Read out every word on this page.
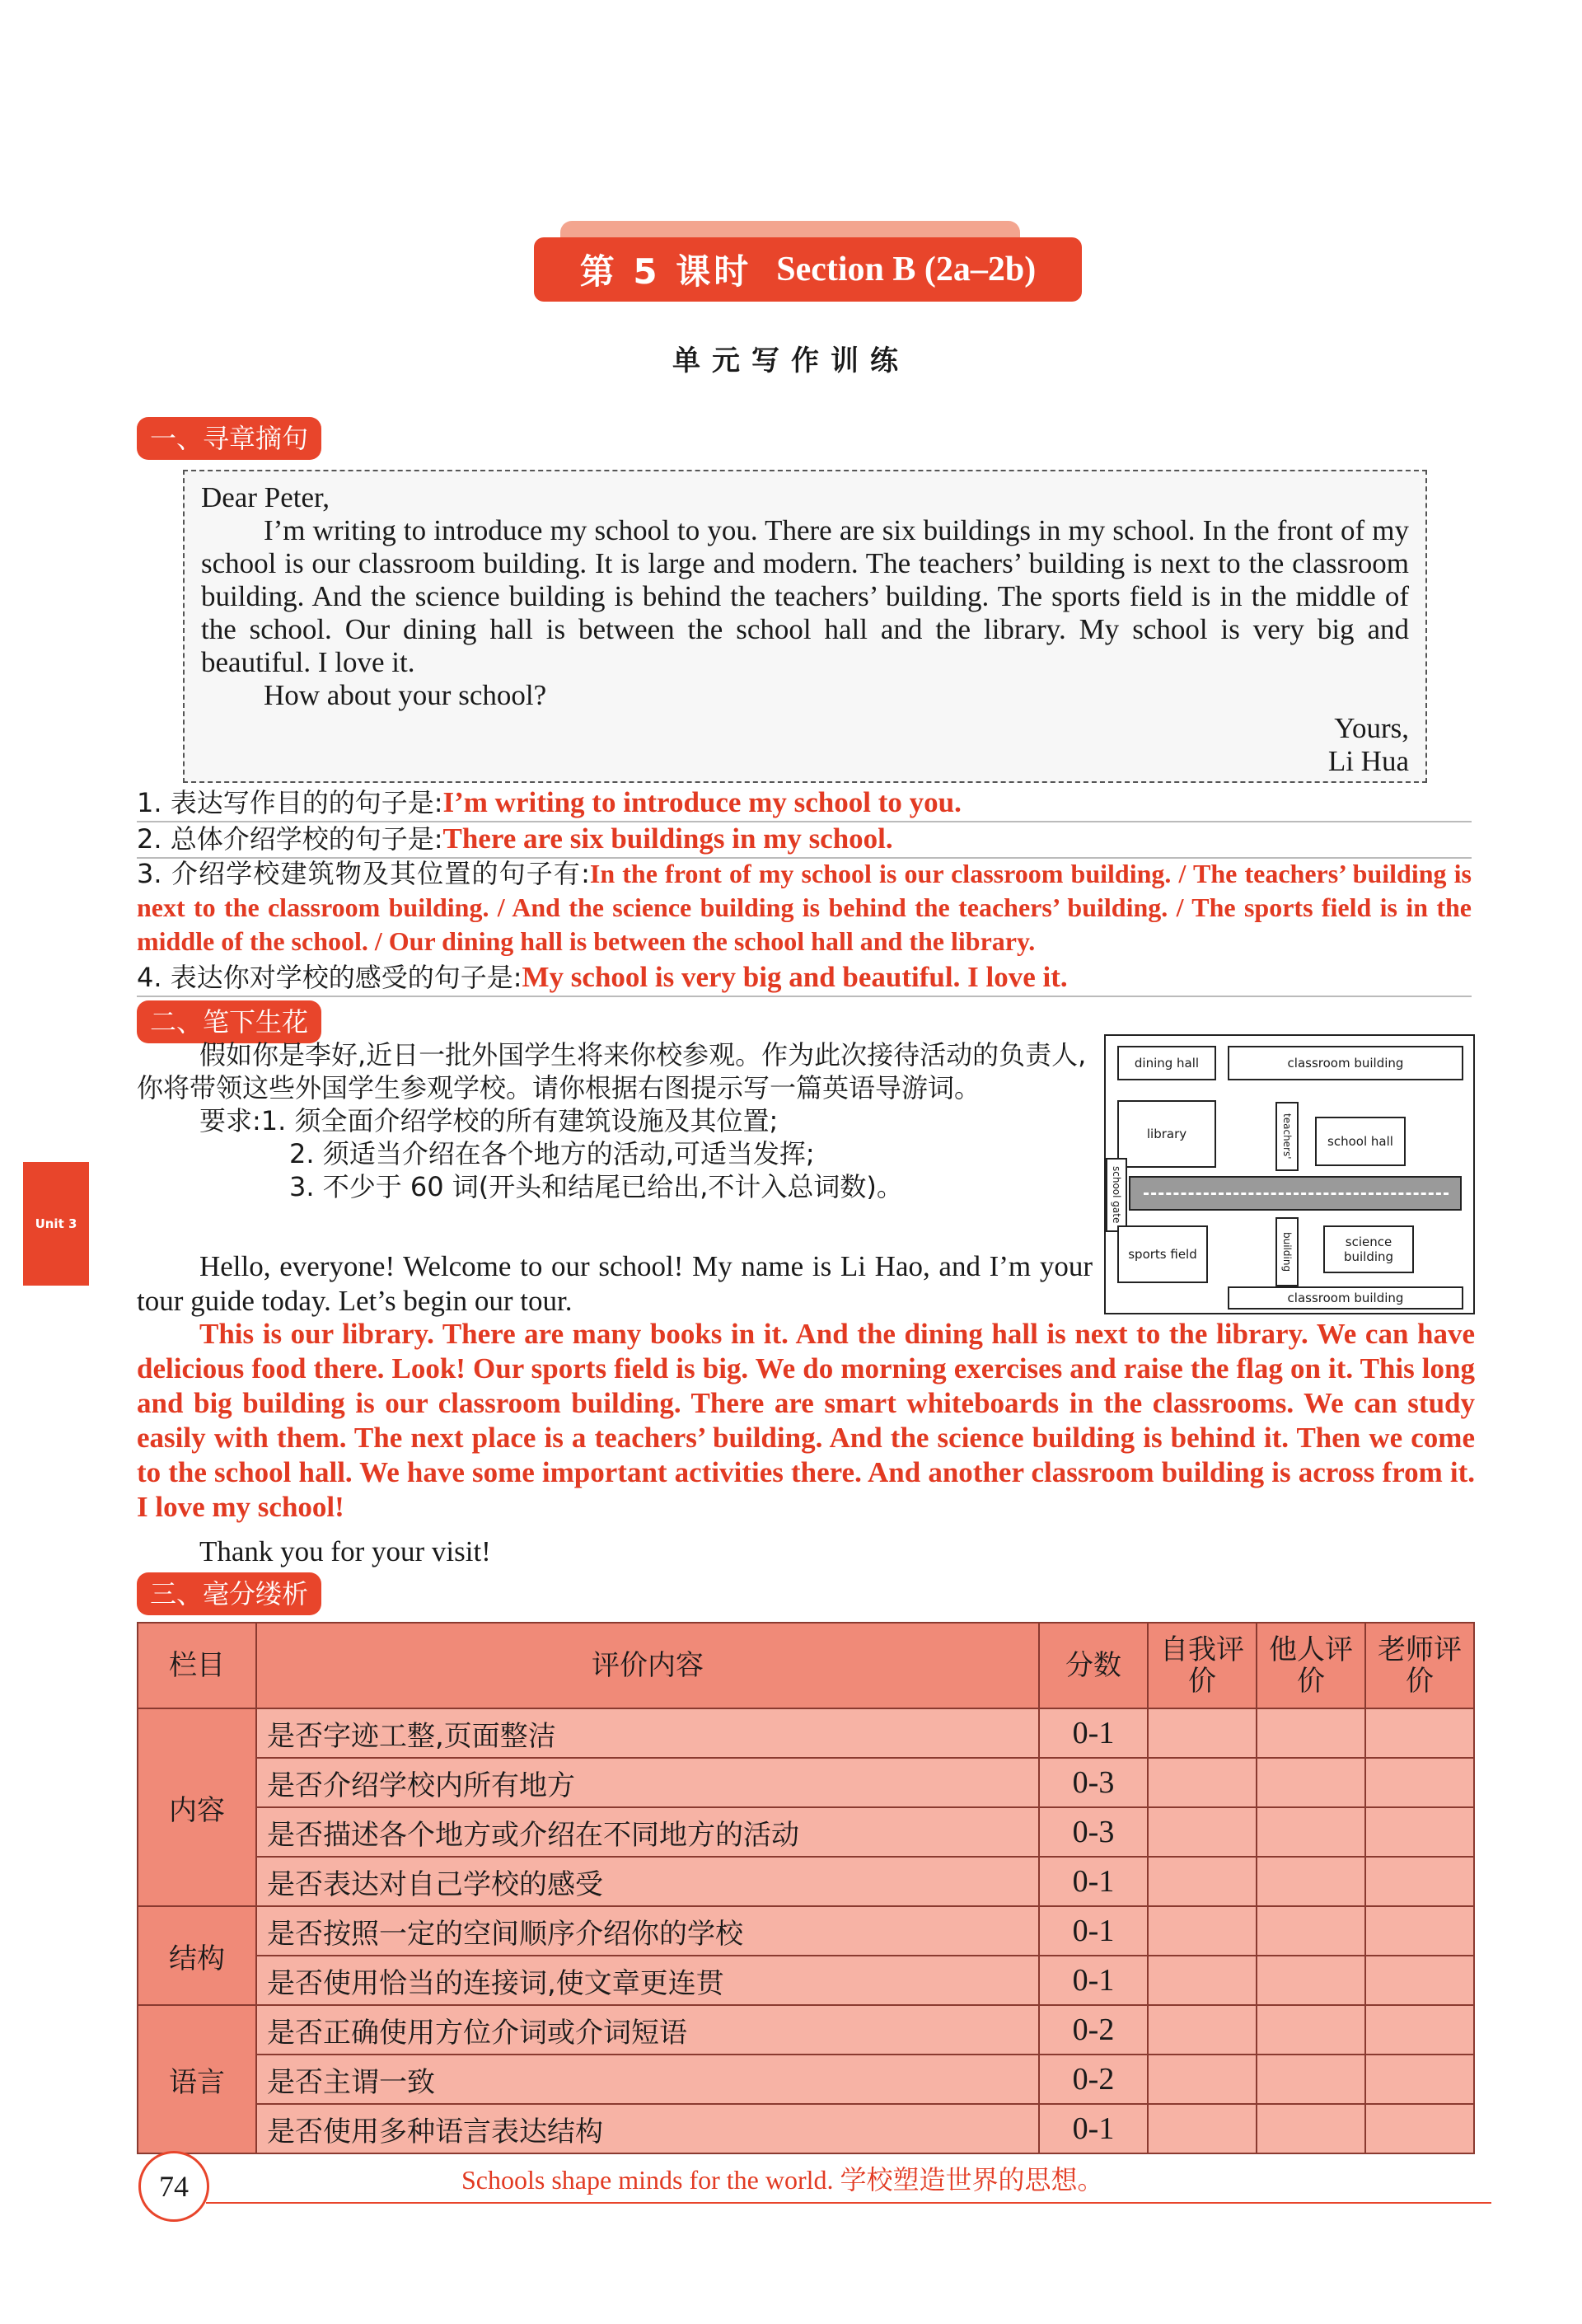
第 5 课时 Section B (2a–2b)
单元写作训练
一、寻章摘句

Dear Peter,

I’m writing to introduce my school to you. There are six buildings in my school. In the front of my school is our classroom building. It is large and modern. The teachers’ building is next to the classroom building. And the science building is behind the teachers’ building. The sports field is in the middle of the school. Our dining hall is between the school hall and the library. My school is very big and beautiful. I love it.

How about your school?

Yours,

Li Hua

1. 表达写作目的的句子是:I’m writing to introduce my school to you.
2. 总体介绍学校的句子是:There are six buildings in my school.
3. 介绍学校建筑物及其位置的句子有:In the front of my school is our classroom building. / The teachers’ building is next to the classroom building. / And the science building is behind the teachers’ building. / The sports field is in the middle of the school. / Our dining hall is between the school hall and the library.
4. 表达你对学校的感受的句子是:My school is very big and beautiful. I love it.
二、笔下生花

假如你是李好,近日一批外国学生将来你校参观。作为此次接待活动的负责人,你将带领这些外国学生参观学校。请你根据右图提示写一篇英语导游词。

要求:1. 须全面介绍学校的所有建筑设施及其位置;

2. 须适当介绍在各个地方的活动,可适当发挥;

3. 不少于 60 词(开头和结尾已给出,不计入总词数)。

Hello, everyone! Welcome to our school! My name is Li Hao, and I’m your tour guide today. Let’s begin our tour.
This is our library. There are many books in it. And the dining hall is next to the library. We can have delicious food there. Look! Our sports field is big. We do morning exercises and raise the flag on it. This long and big building is our classroom building. There are smart whiteboards in the classrooms. We can study easily with them. The next place is a teachers’ building. And the science building is behind it. Then we come to the school hall. We have some important activities there. And another classroom building is across from it. I love my school!
Thank you for your visit!
dining hall	classroom building
library	teachers'	school hall
school gate
sports field	building	science building
classroom building
三、毫分缕析
栏目	评价内容	分数	自我评价	他人评价	老师评价
内容	是否字迹工整,页面整洁	0-1			
	是否介绍学校内所有地方	0-3			
	是否描述各个地方或介绍在不同地方的活动	0-3			
	是否表达对自己学校的感受	0-1			
结构	是否按照一定的空间顺序介绍你的学校	0-1			
	是否使用恰当的连接词,使文章更连贯	0-1			
语言	是否正确使用方位介词或介词短语	0-2			
	是否主谓一致	0-2			
	是否使用多种语言表达结构	0-1			
Unit 3
74	Schools shape minds for the world. 学校塑造世界的思想。
